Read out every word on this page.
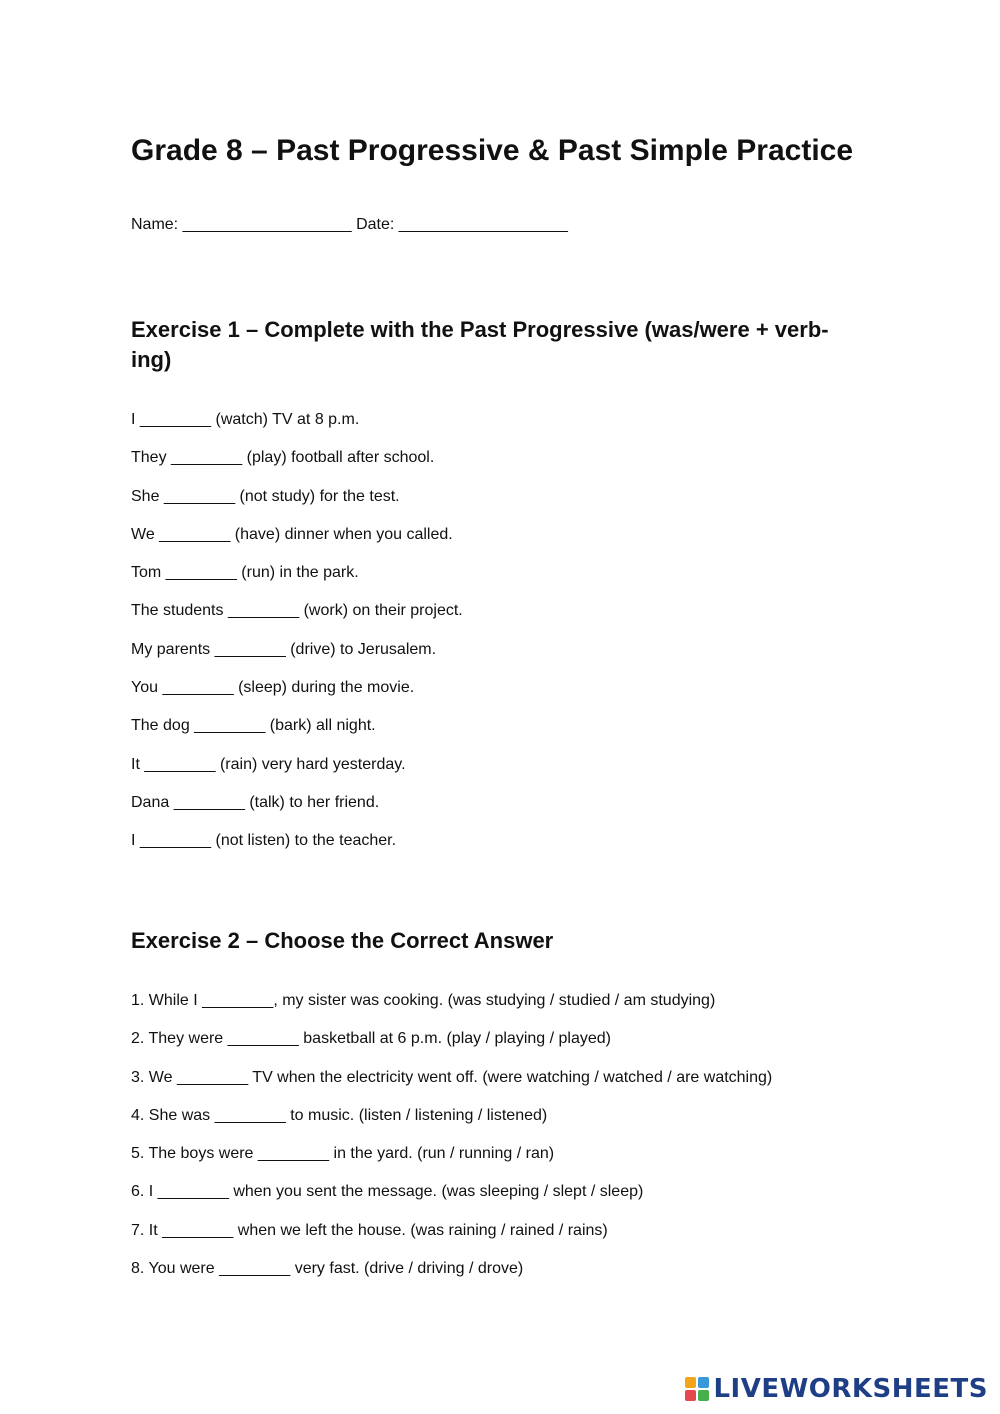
Grade 8 – Past Progressive & Past Simple Practice
Name: ___________________ Date: ___________________
Exercise 1 – Complete with the Past Progressive (was/were + verb-ing)
I ________ (watch) TV at 8 p.m.
They ________ (play) football after school.
She ________ (not study) for the test.
We ________ (have) dinner when you called.
Tom ________ (run) in the park.
The students ________ (work) on their project.
My parents ________ (drive) to Jerusalem.
You ________ (sleep) during the movie.
The dog ________ (bark) all night.
It ________ (rain) very hard yesterday.
Dana ________ (talk) to her friend.
I ________ (not listen) to the teacher.
Exercise 2 – Choose the Correct Answer
1. While I ________, my sister was cooking. (was studying / studied / am studying)
2. They were ________ basketball at 6 p.m. (play / playing / played)
3. We ________ TV when the electricity went off. (were watching / watched / are watching)
4. She was ________ to music. (listen / listening / listened)
5. The boys were ________ in the yard. (run / running / ran)
6. I ________ when you sent the message. (was sleeping / slept / sleep)
7. It ________ when we left the house. (was raining / rained / rains)
8. You were ________ very fast. (drive / driving / drove)
LIVEWORKSHEETS
